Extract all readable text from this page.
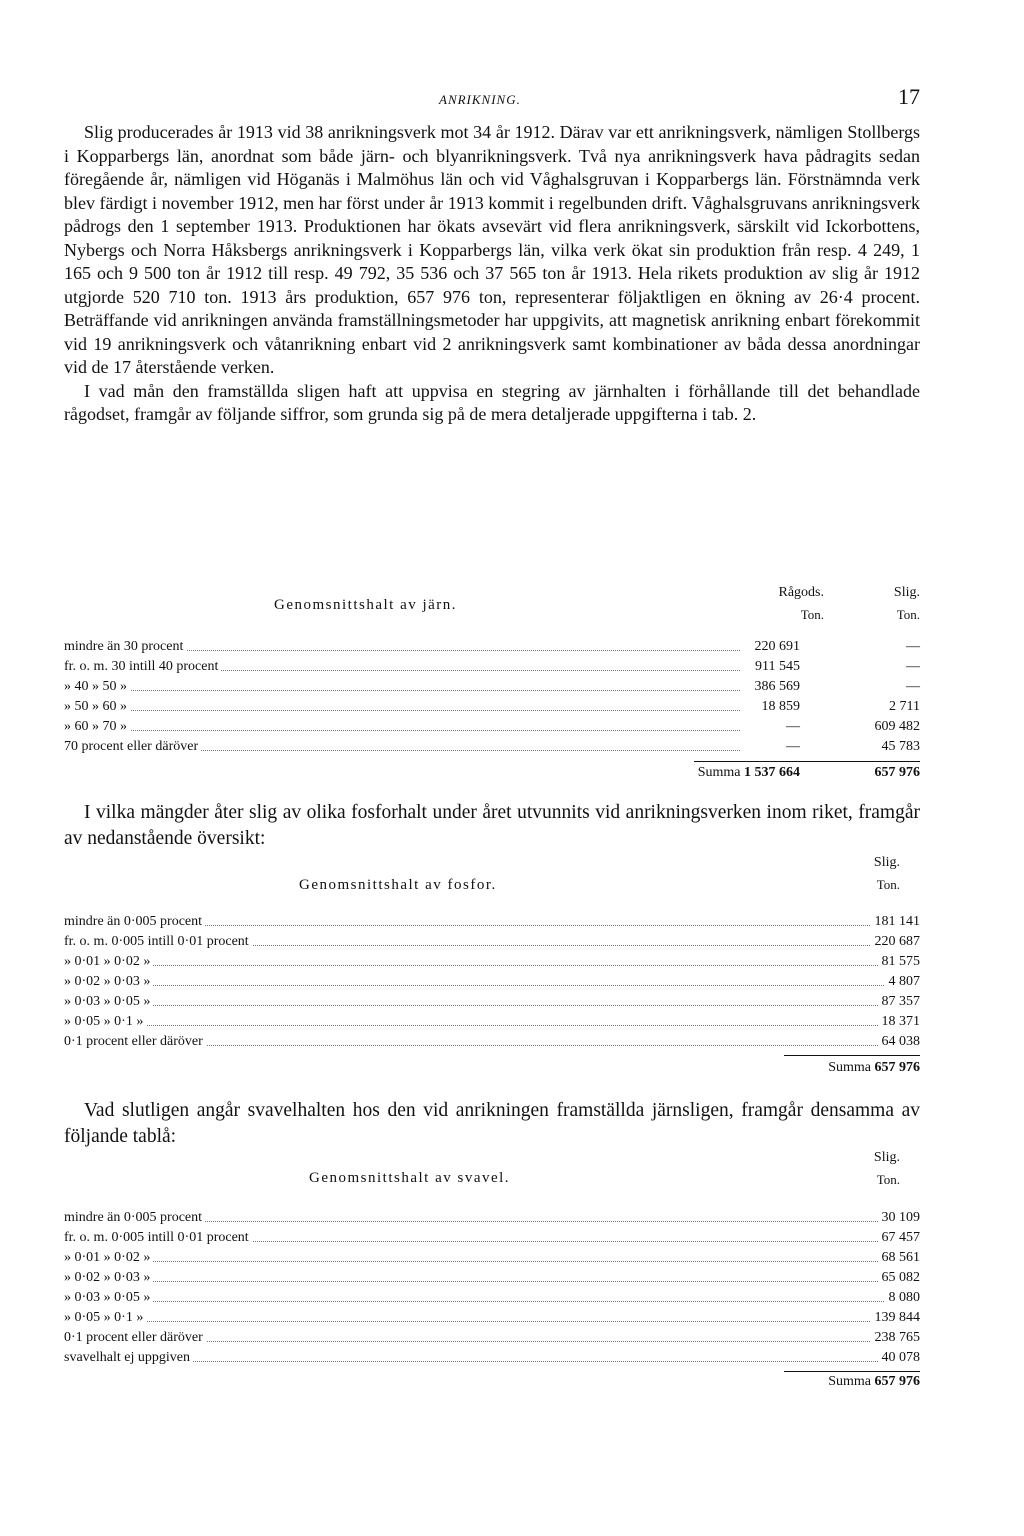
ANRIKNING.	17

Slig producerades år 1913 vid 38 anrikningsverk mot 34 år 1912. Därav var ett anrikningsverk, nämligen Stollbergs i Kopparbergs län, anordnat som både järn- och blyanrikningsverk. Två nya anrikningsverk hava pådragits sedan föregående år, nämligen vid Höganäs i Malmöhus län och vid Våghalsgruvan i Kopparbergs län. Förstnämnda verk blev färdigt i november 1912, men har först under år 1913 kommit i regelbunden drift. Våghalsgruvans anrikningsverk pådrogs den 1 september 1913. Produktionen har ökats avsevärt vid flera anrikningsverk, särskilt vid Ickorbottens, Nybergs och Norra Håksbergs anrikningsverk i Kopparbergs län, vilka verk ökat sin produktion från resp. 4 249, 1 165 och 9 500 ton år 1912 till resp. 49 792, 35 536 och 37 565 ton år 1913. Hela rikets produktion av slig år 1912 utgjorde 520 710 ton. 1913 års produktion, 657 976 ton, representerar följaktligen en ökning av 26·4 procent. Beträffande vid anrikningen använda framställningsmetoder har uppgivits, att magnetisk anrikning enbart förekommit vid 19 anrikningsverk och våtanrikning enbart vid 2 anrikningsverk samt kombinationer av båda dessa anordningar vid de 17 återstående verken.

I vad mån den framställda sligen haft att uppvisa en stegring av järnhalten i förhållande till det behandlade rågodset, framgår av följande siffror, som grunda sig på de mera detaljerade uppgifterna i tab. 2.

Genomsnittshalt av järn.
Rågods.
Ton.
Slig.
Ton.
mindre än 30 procent	220 691	—
fr. o. m. 30 intill 40 procent	911 545	—
» 40 » 50 »	386 569	—
» 50 » 60 »	18 859	2 711
» 60 » 70 »	—	609 482
70 procent eller däröver	—	45 783
Summa 1 537 664	657 976

I vilka mängder åter slig av olika fosforhalt under året utvunnits vid anrikningsverken inom riket, framgår av nedanstående översikt:

Genomsnittshalt av fosfor.
Slig.
Ton.
mindre än 0·005 procent	181 141
fr. o. m. 0·005 intill 0·01 procent	220 687
» 0·01 » 0·02 »	81 575
» 0·02 » 0·03 »	4 807
» 0·03 » 0·05 »	87 357
» 0·05 » 0·1 »	18 371
0·1 procent eller däröver	64 038
Summa 657 976

Vad slutligen angår svavelhalten hos den vid anrikningen framställda järnsligen, framgår densamma av följande tablå:

Genomsnittshalt av svavel.
Slig.
Ton.
mindre än 0·005 procent	30 109
fr. o. m. 0·005 intill 0·01 procent	67 457
» 0·01 » 0·02 »	68 561
» 0·02 » 0·03 »	65 082
» 0·03 » 0·05 »	8 080
» 0·05 » 0·1 »	139 844
0·1 procent eller däröver	238 765
svavelhalt ej uppgiven	40 078
Summa 657 976
